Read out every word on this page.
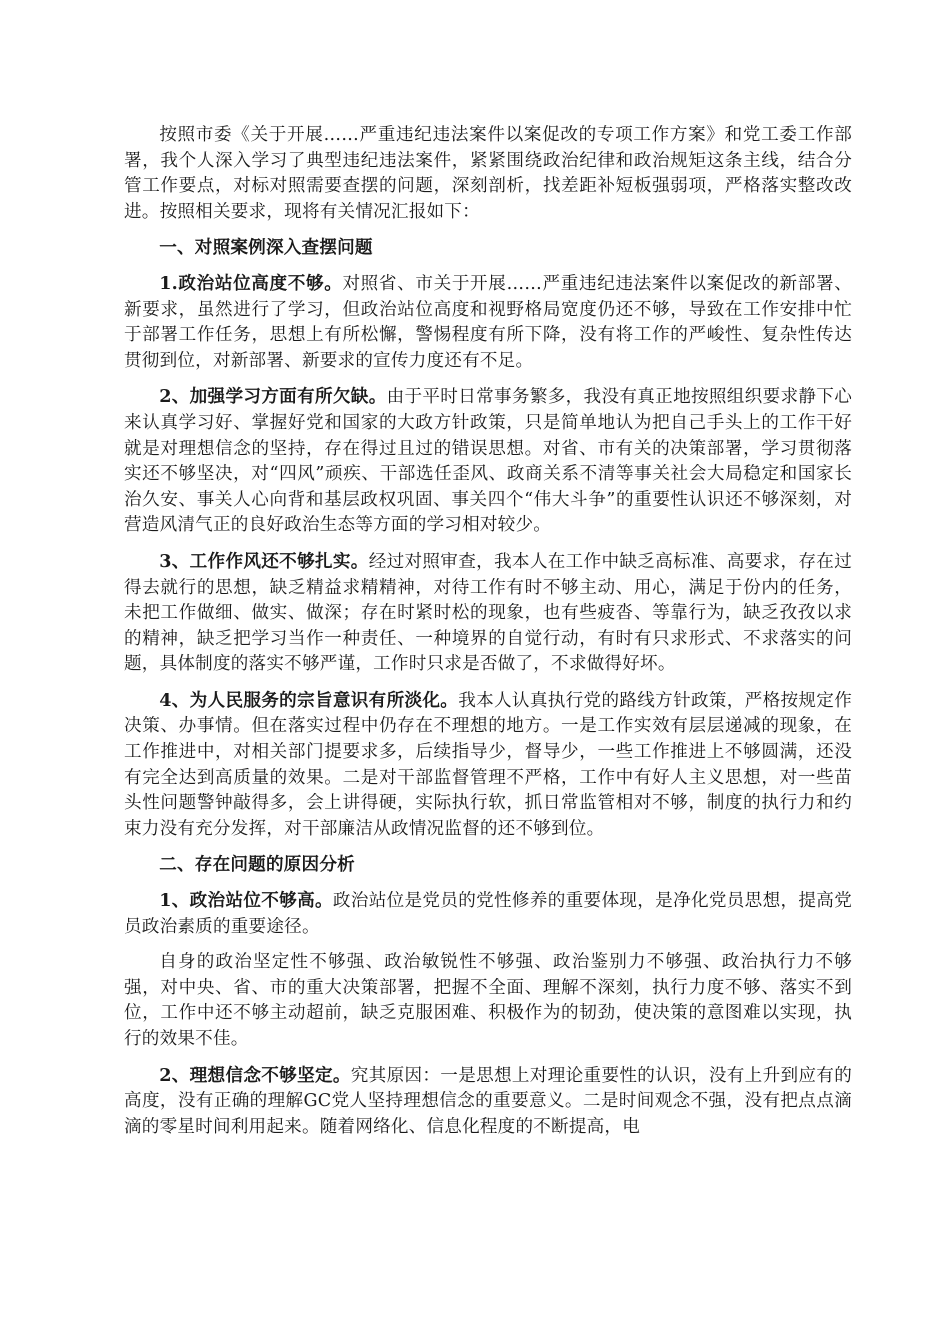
按照市委《关于开展……严重违纪违法案件以案促改的专项工作方案》和党工委工作部署，我个人深入学习了典型违纪违法案件，紧紧围绕政治纪律和政治规矩这条主线，结合分管工作要点，对标对照需要查摆的问题，深刻剖析，找差距补短板强弱项，严格落实整改改进。按照相关要求，现将有关情况汇报如下：

一、对照案例深入查摆问题

1.政治站位高度不够。对照省、市关于开展……严重违纪违法案件以案促改的新部署、新要求，虽然进行了学习，但政治站位高度和视野格局宽度仍还不够，导致在工作安排中忙于部署工作任务，思想上有所松懈，警惕程度有所下降，没有将工作的严峻性、复杂性传达贯彻到位，对新部署、新要求的宣传力度还有不足。

2、加强学习方面有所欠缺。由于平时日常事务繁多，我没有真正地按照组织要求静下心来认真学习好、掌握好党和国家的大政方针政策，只是简单地认为把自己手头上的工作干好就是对理想信念的坚持，存在得过且过的错误思想。对省、市有关的决策部署，学习贯彻落实还不够坚决，对“四风”顽疾、干部选任歪风、政商关系不清等事关社会大局稳定和国家长治久安、事关人心向背和基层政权巩固、事关四个“伟大斗争”的重要性认识还不够深刻，对营造风清气正的良好政治生态等方面的学习相对较少。

3、工作作风还不够扎实。经过对照审查，我本人在工作中缺乏高标准、高要求，存在过得去就行的思想，缺乏精益求精精神，对待工作有时不够主动、用心，满足于份内的任务，未把工作做细、做实、做深；存在时紧时松的现象，也有些疲沓、等靠行为，缺乏孜孜以求的精神，缺乏把学习当作一种责任、一种境界的自觉行动，有时有只求形式、不求落实的问题，具体制度的落实不够严谨，工作时只求是否做了，不求做得好坏。

4、为人民服务的宗旨意识有所淡化。我本人认真执行党的路线方针政策，严格按规定作决策、办事情。但在落实过程中仍存在不理想的地方。一是工作实效有层层递减的现象，在工作推进中，对相关部门提要求多，后续指导少，督导少，一些工作推进上不够圆满，还没有完全达到高质量的效果。二是对干部监督管理不严格，工作中有好人主义思想，对一些苗头性问题警钟敲得多，会上讲得硬，实际执行软，抓日常监管相对不够，制度的执行力和约束力没有充分发挥，对干部廉洁从政情况监督的还不够到位。

二、存在问题的原因分析

1、政治站位不够高。政治站位是党员的党性修养的重要体现，是净化党员思想，提高党员政治素质的重要途径。

自身的政治坚定性不够强、政治敏锐性不够强、政治鉴别力不够强、政治执行力不够强，对中央、省、市的重大决策部署，把握不全面、理解不深刻，执行力度不够、落实不到位，工作中还不够主动超前，缺乏克服困难、积极作为的韧劲，使决策的意图难以实现，执行的效果不佳。

2、理想信念不够坚定。究其原因：一是思想上对理论重要性的认识，没有上升到应有的高度，没有正确的理解GC党人坚持理想信念的重要意义。二是时间观念不强，没有把点点滴滴的零星时间利用起来。随着网络化、信息化程度的不断提高，电
